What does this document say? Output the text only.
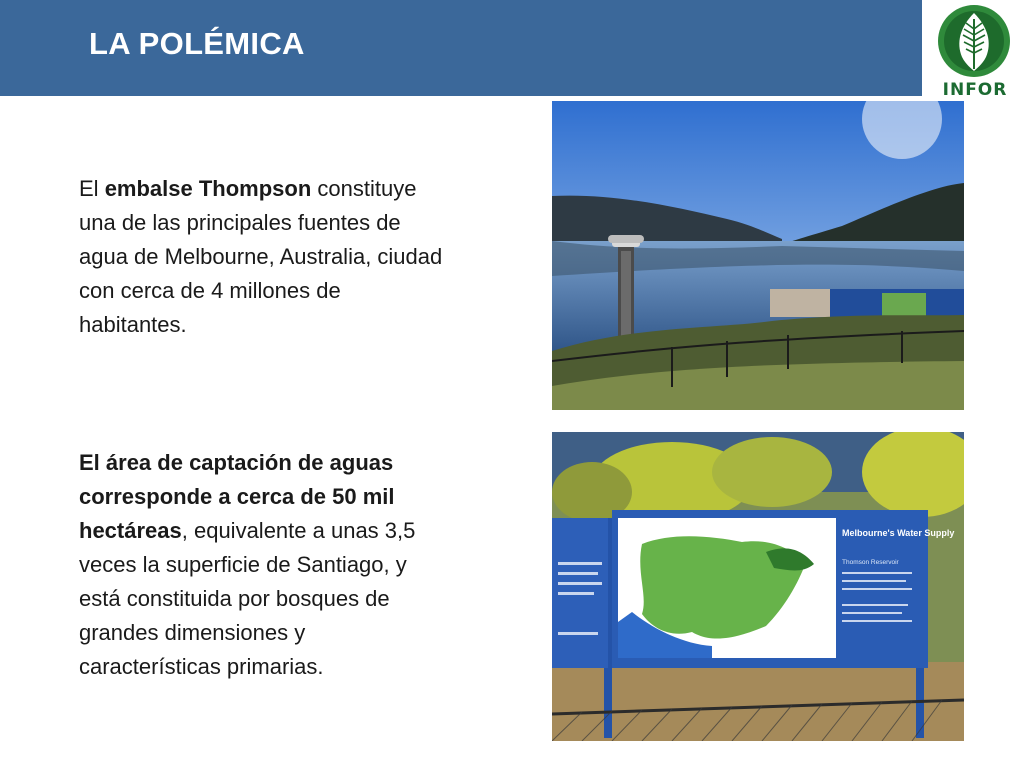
LA POLÉMICA
INFOR
El embalse Thompson constituye una de las principales fuentes de agua de Melbourne, Australia, ciudad con cerca de 4 millones de habitantes.
El área de captación de aguas corresponde a cerca de 50 mil hectáreas, equivalente a unas 3,5 veces la superficie de Santiago, y está constituida por bosques de grandes dimensiones y características primarias.
Melbourne's Water Supply
Thomson Reservoir
